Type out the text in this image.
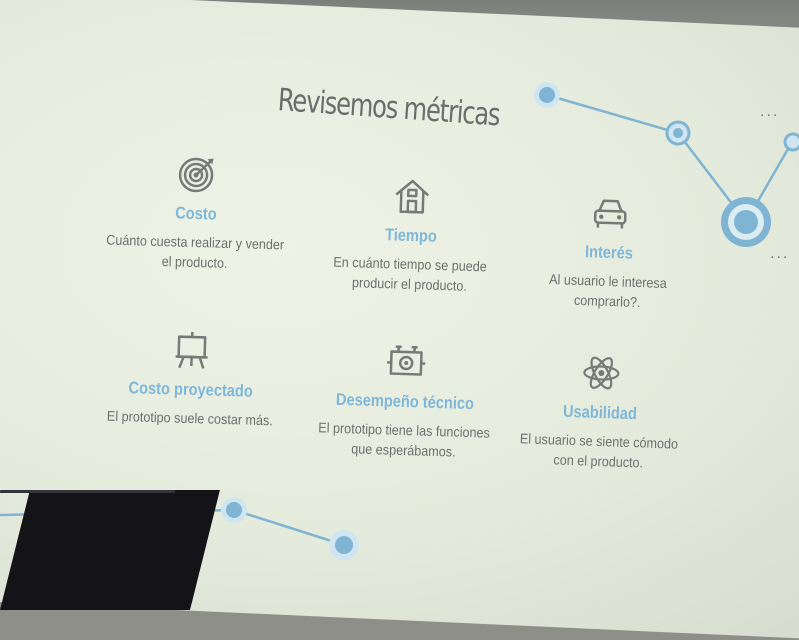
...
...
Revisemos métricas
Costo
Cuánto cuesta realizar y vender el producto.
Tiempo
En cuánto tiempo se puede producir el producto.
Interés
Al usuario le interesa comprarlo?.
Costo proyectado
El prototipo suele costar más.
Desempeño técnico
El prototipo tiene las funciones que esperábamos.
Usabilidad
El usuario se siente cómodo con el producto.
